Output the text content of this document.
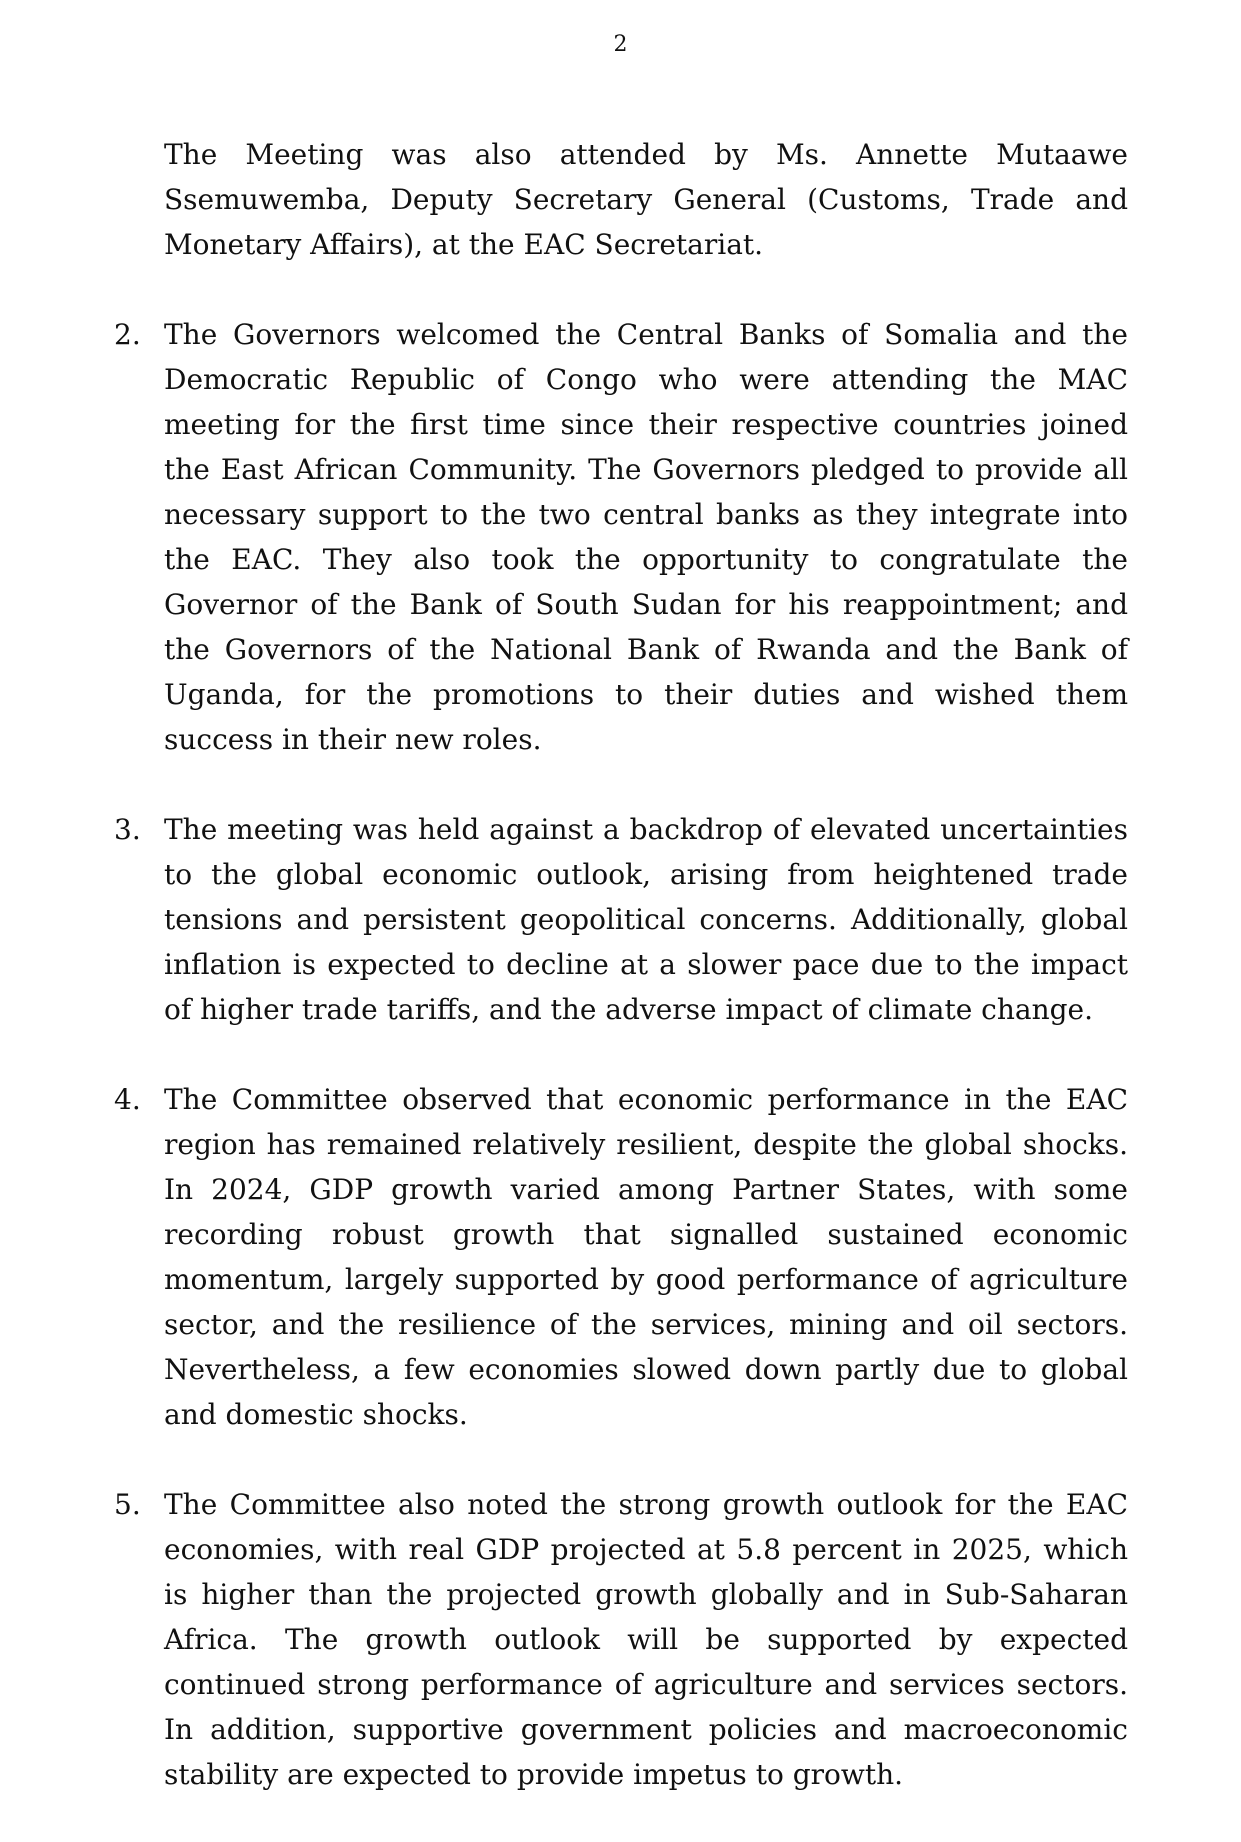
2

The Meeting was also attended by Ms. Annette Mutaawe Ssemuwemba, Deputy Secretary General (Customs, Trade and Monetary Affairs), at the EAC Secretariat.

2. The Governors welcomed the Central Banks of Somalia and the Democratic Republic of Congo who were attending the MAC meeting for the first time since their respective countries joined the East African Community. The Governors pledged to provide all necessary support to the two central banks as they integrate into the EAC. They also took the opportunity to congratulate the Governor of the Bank of South Sudan for his reappointment; and the Governors of the National Bank of Rwanda and the Bank of Uganda, for the promotions to their duties and wished them success in their new roles.

3. The meeting was held against a backdrop of elevated uncertainties to the global economic outlook, arising from heightened trade tensions and persistent geopolitical concerns. Additionally, global inflation is expected to decline at a slower pace due to the impact of higher trade tariffs, and the adverse impact of climate change.

4. The Committee observed that economic performance in the EAC region has remained relatively resilient, despite the global shocks. In 2024, GDP growth varied among Partner States, with some recording robust growth that signalled sustained economic momentum, largely supported by good performance of agriculture sector, and the resilience of the services, mining and oil sectors. Nevertheless, a few economies slowed down partly due to global and domestic shocks.

5. The Committee also noted the strong growth outlook for the EAC economies, with real GDP projected at 5.8 percent in 2025, which is higher than the projected growth globally and in Sub-Saharan Africa. The growth outlook will be supported by expected continued strong performance of agriculture and services sectors. In addition, supportive government policies and macroeconomic stability are expected to provide impetus to growth.
